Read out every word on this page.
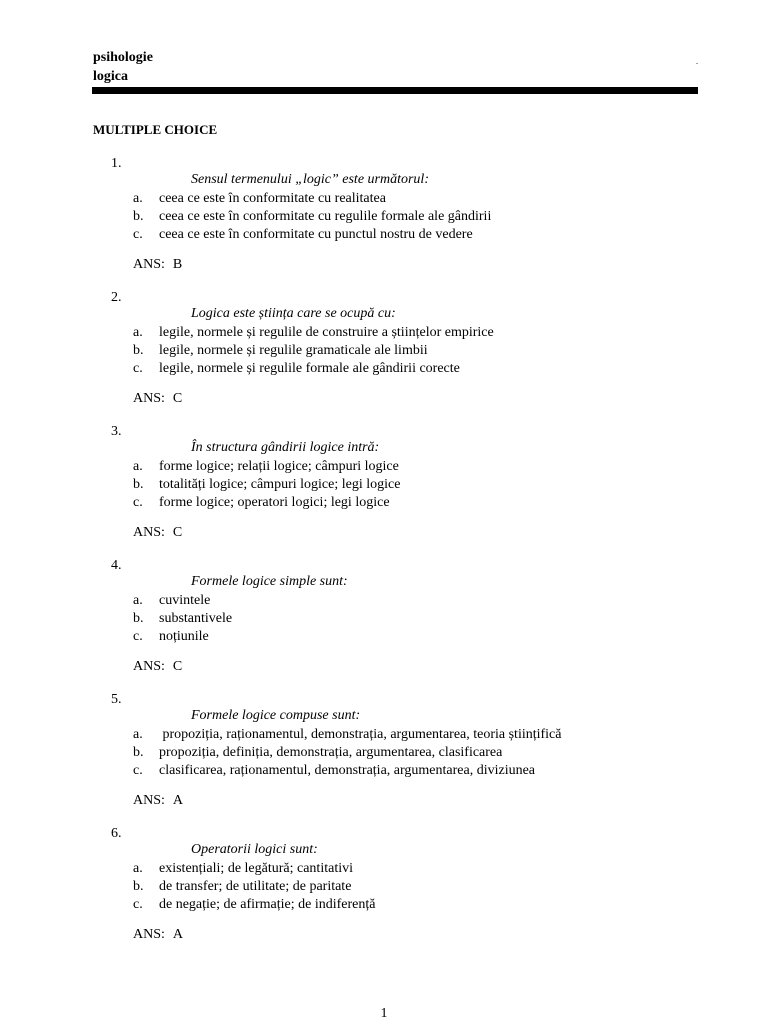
psihologie
logica
.
MULTIPLE CHOICE
1.
Sensul termenului „logic” este următorul:
a. ceea ce este în conformitate cu realitatea
b. ceea ce este în conformitate cu regulile formale ale gândirii
c. ceea ce este în conformitate cu punctul nostru de vedere
ANS: B
2.
Logica este știința care se ocupă cu:
a. legile, normele și regulile de construire a științelor empirice
b. legile, normele și regulile gramaticale ale limbii
c. legile, normele și regulile formale ale gândirii corecte
ANS: C
3.
În structura gândirii logice intră:
a. forme logice; relații logice; câmpuri logice
b. totalități logice; câmpuri logice; legi logice
c. forme logice; operatori logici; legi logice
ANS: C
4.
Formele logice simple sunt:
a. cuvintele
b. substantivele
c. noțiunile
ANS: C
5.
Formele logice compuse sunt:
a. propoziția, raționamentul, demonstrația, argumentarea, teoria științifică
b. propoziția, definiția, demonstrația, argumentarea, clasificarea
c. clasificarea, raționamentul, demonstrația, argumentarea, diviziunea
ANS: A
6.
Operatorii logici sunt:
a. existențiali; de legătură; cantitativi
b. de transfer; de utilitate; de paritate
c. de negație; de afirmație; de indiferență
ANS: A
1
